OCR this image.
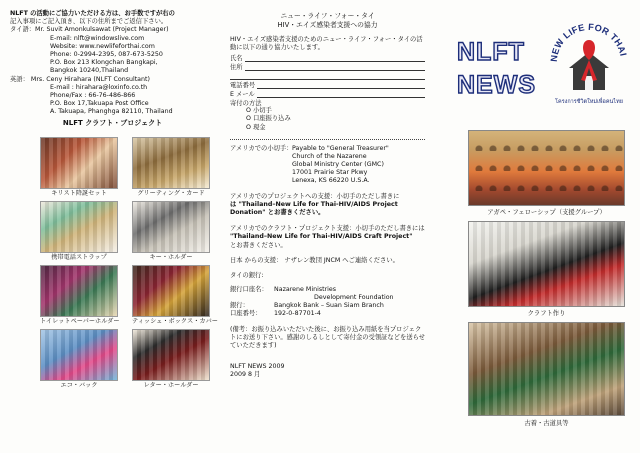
NLFT の活動にご協力いただける方は、お手数ですが右の
記入事項にご記入頂き、以下の住所までご返信下さい。
タイ語：Mr. Suvit Amonkulsawat (Project Manager)
E-mail: nlft@windowslive.com
Website: www.newlifeforthai.com
Phone: 0-2994-2395, 087-673-5250
P.O. Box 213 Klongchan Bangkapi,
Bangkok 10240,Thailand
英語： Mrs. Ceny Hirahara (NLFT Consultant)
E-mail : hirahara@loxinfo.co.th
Phone/Fax : 66-76-486-866
P.O. Box 17,Takuapa Post Office
A. Takuapa, Phanghga 82110, Thailand
NLFT クラフト・プロジェクト
キリスト降誕セット	グリーティング・カード
携帯電話ストラップ	キー・ホルダー
トイレットペーパーホルダー ティッシュ・ボックス・カバー
エコ・バック	レター・ホールダー
ニュー・ライフ・フォー・タイ
HIV・エイズ感染者支援への協力
HIV・エイズ感染者支援のためのニュー・ライフ・フォー・タイの活動に以下の通り協力いたします。
氏名
住所
電話番号
E メール
寄付の方法
O 小切手
O 口座振り込み
O 現金
アメリカでの小切手： Payable to "General Treasurer"
Church of the Nazarene
Global Ministry Center (GMC)
17001 Prairie Star Pkwy
Lenexa, KS 66220 U.S.A.
アメリカでのプロジェクトへの支援：小切手のただし書きに
は "Thailand–New Life for Thai-HIV/AIDS Project Donation" とお書きください。
アメリカでのクラフト・プロジェクト支援：小切手のただし書きには
"Thailand–New Life for Thai-HIV/AIDS Craft Project"
とお書きください。
日本 からの支援： ナザレン教団 JNCM へご連絡ください。
タイの銀行:
銀行口座名： Nazarene Ministries
Development Foundation
銀行：	Bangkok Bank – Suan Siam Branch
口座番号：	192-0-87701-4
(備考：お振り込みいただいた後に、お振り込み用紙を当プロジェクトにお送り下さい。感謝のしるしとして寄付金の受領証などを送らせていただきます)
NLFT NEWS 2009
2009 8 月
NLFT
NEWS
NEW LIFE FOR THAI
โครงการชีวิตใหม่เพื่อคนไทย
アガペ・フェローシップ（支援グループ）
クラフト作り
古着・古道具等
